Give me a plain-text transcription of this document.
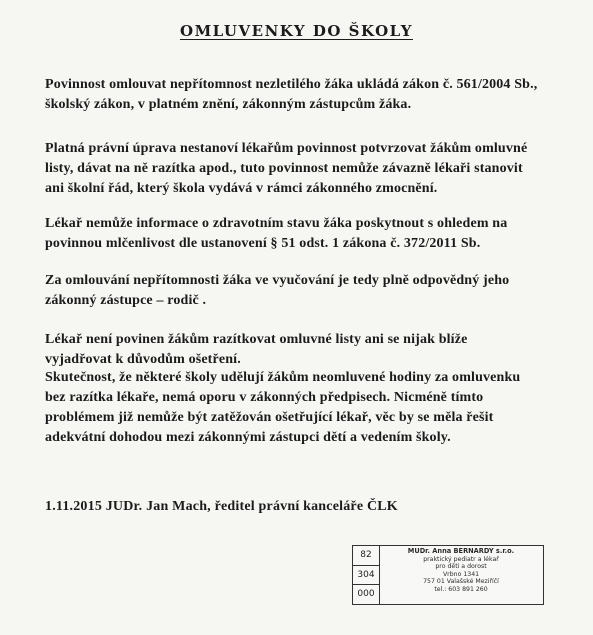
OMLUVENKY DO ŠKOLY
Povinnost omlouvat nepřítomnost nezletilého žáka ukládá zákon č. 561/2004 Sb.,
školský zákon, v platném znění, zákonným zástupcům žáka.
Platná právní úprava nestanoví lékařům povinnost potvrzovat žákům omluvné
listy, dávat na ně razítka apod., tuto povinnost nemůže závazně lékaři stanovit
ani školní řád, který škola vydává v rámci zákonného zmocnění.
Lékař nemůže informace o zdravotním stavu žáka poskytnout s ohledem na
povinnou mlčenlivost dle ustanovení § 51 odst. 1 zákona č. 372/2011 Sb.
Za omlouvání nepřítomnosti žáka ve vyučování je tedy plně odpovědný jeho
zákonný zástupce – rodič .
Lékař není povinen žákům razítkovat omluvné listy ani se nijak blíže
vyjadřovat k důvodům ošetření.
Skutečnost, že některé školy udělují žákům neomluvené hodiny za omluvenku
bez razítka lékaře, nemá oporu v zákonných předpisech. Nicméně tímto
problémem již nemůže být zatěžován ošetřující lékař, věc by se měla řešit
adekvátní dohodou mezi zákonnými zástupci dětí a vedením školy.
1.11.2015 JUDr. Jan Mach, ředitel právní kanceláře ČLK
82
304
000
MUDr. Anna BERNARDY s.r.o.
praktický pediatr a lékař
pro děti a dorost
Vrbno 1341
757 01 Valašské Meziříčí
tel.: 603 891 260
